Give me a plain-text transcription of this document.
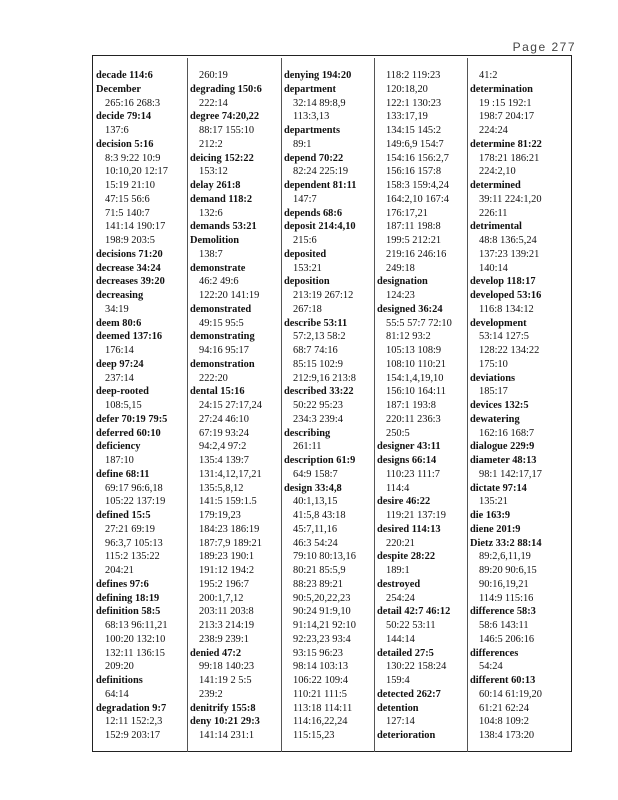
Page 277
decade 114:6
December
265:16 268:3
decide 79:14
137:6
decision 5:16
8:3 9:22 10:9
10:10,20 12:17
15:19 21:10
47:15 56:6
71:5 140:7
141:14 190:17
198:9 203:5
decisions 71:20
decrease 34:24
decreases 39:20
decreasing
34:19
deem 80:6
deemed 137:16
176:14
deep 97:24
237:14
deep-rooted
108:5,15
defer 70:19 79:5
deferred 60:10
deficiency
187:10
define 68:11
69:17 96:6,18
105:22 137:19
defined 15:5
27:21 69:19
96:3,7 105:13
115:2 135:22
204:21
defines 97:6
defining 18:19
definition 58:5
68:13 96:11,21
100:20 132:10
132:11 136:15
209:20
definitions
64:14
degradation 9:7
12:11 152:2,3
152:9 203:17
260:19
degrading 150:6
222:14
degree 74:20,22
88:17 155:10
212:2
deicing 152:22
153:12
delay 261:8
demand 118:2
132:6
demands 53:21
Demolition
138:7
demonstrate
46:2 49:6
122:20 141:19
demonstrated
49:15 95:5
demonstrating
94:16 95:17
demonstration
222:20
dental 15:16
24:15 27:17,24
27:24 46:10
67:19 93:24
94:2,4 97:2
135:4 139:7
131:4,12,17,21
135:5,8,12
141:5 159:1.5
179:19,23
184:23 186:19
187:7,9 189:21
189:23 190:1
191:12 194:2
195:2 196:7
200:1,7,12
203:11 203:8
213:3 214:19
238:9 239:1
denied 47:2
99:18 140:23
141:19 2 5:5
239:2
denitrify 155:8
deny 10:21 29:3
141:14 231:1
denying 194:20
department
32:14 89:8,9
113:3,13
departments
89:1
depend 70:22
82:24 225:19
dependent 81:11
147:7
depends 68:6
deposit 214:4,10
215:6
deposited
153:21
deposition
213:19 267:12
267:18
describe 53:11
57:2,13 58:2
68:7 74:16
85:15 102:9
212:9,16 213:8
described 33:22
50:22 95:23
234:3 239:4
describing
261:11
description 61:9
64:9 158:7
design 33:4,8
40:1,13,15
41:5,8 43:18
45:7,11,16
46:3 54:24
79:10 80:13,16
80:21 85:5,9
88:23 89:21
90:5,20,22,23
90:24 91:9,10
91:14,21 92:10
92:23,23 93:4
93:15 96:23
98:14 103:13
106:22 109:4
110:21 111:5
113:18 114:11
114:16,22,24
115:15,23
118:2 119:23
120:18,20
122:1 130:23
133:17,19
134:15 145:2
149:6,9 154:7
154:16 156:2,7
156:16 157:8
158:3 159:4,24
164:2,10 167:4
176:17,21
187:11 198:8
199:5 212:21
219:16 246:16
249:18
designation
124:23
designed 36:24
55:5 57:7 72:10
81:12 93:2
105:13 108:9
108:10 110:21
154:1,4,19,10
156:10 164:11
187:1 193:8
220:11 236:3
250:5
designer 43:11
designs 66:14
110:23 111:7
114:4
desire 46:22
119:21 137:19
desired 114:13
220:21
despite 28:22
189:1
destroyed
254:24
detail 42:7 46:12
50:22 53:11
144:14
detailed 27:5
130:22 158:24
159:4
detected 262:7
detention
127:14
deterioration
41:2
determination
19 :15 192:1
198:7 204:17
224:24
determine 81:22
178:21 186:21
224:2,10
determined
39:11 224:1,20
226:11
detrimental
48:8 136:5,24
137:23 139:21
140:14
develop 118:17
developed 53:16
116:8 134:12
development
53:14 127:5
128:22 134:22
175:10
deviations
185:17
devices 132:5
dewatering
162:16 168:7
dialogue 229:9
diameter 48:13
98:1 142:17,17
dictate 97:14
135:21
die 163:9
diene 201:9
Dietz 33:2 88:14
89:2,6,11,19
89:20 90:6,15
90:16,19,21
114:9 115:16
difference 58:3
58:6 143:11
146:5 206:16
differences
54:24
different 60:13
60:14 61:19,20
61:21 62:24
104:8 109:2
138:4 173:20
